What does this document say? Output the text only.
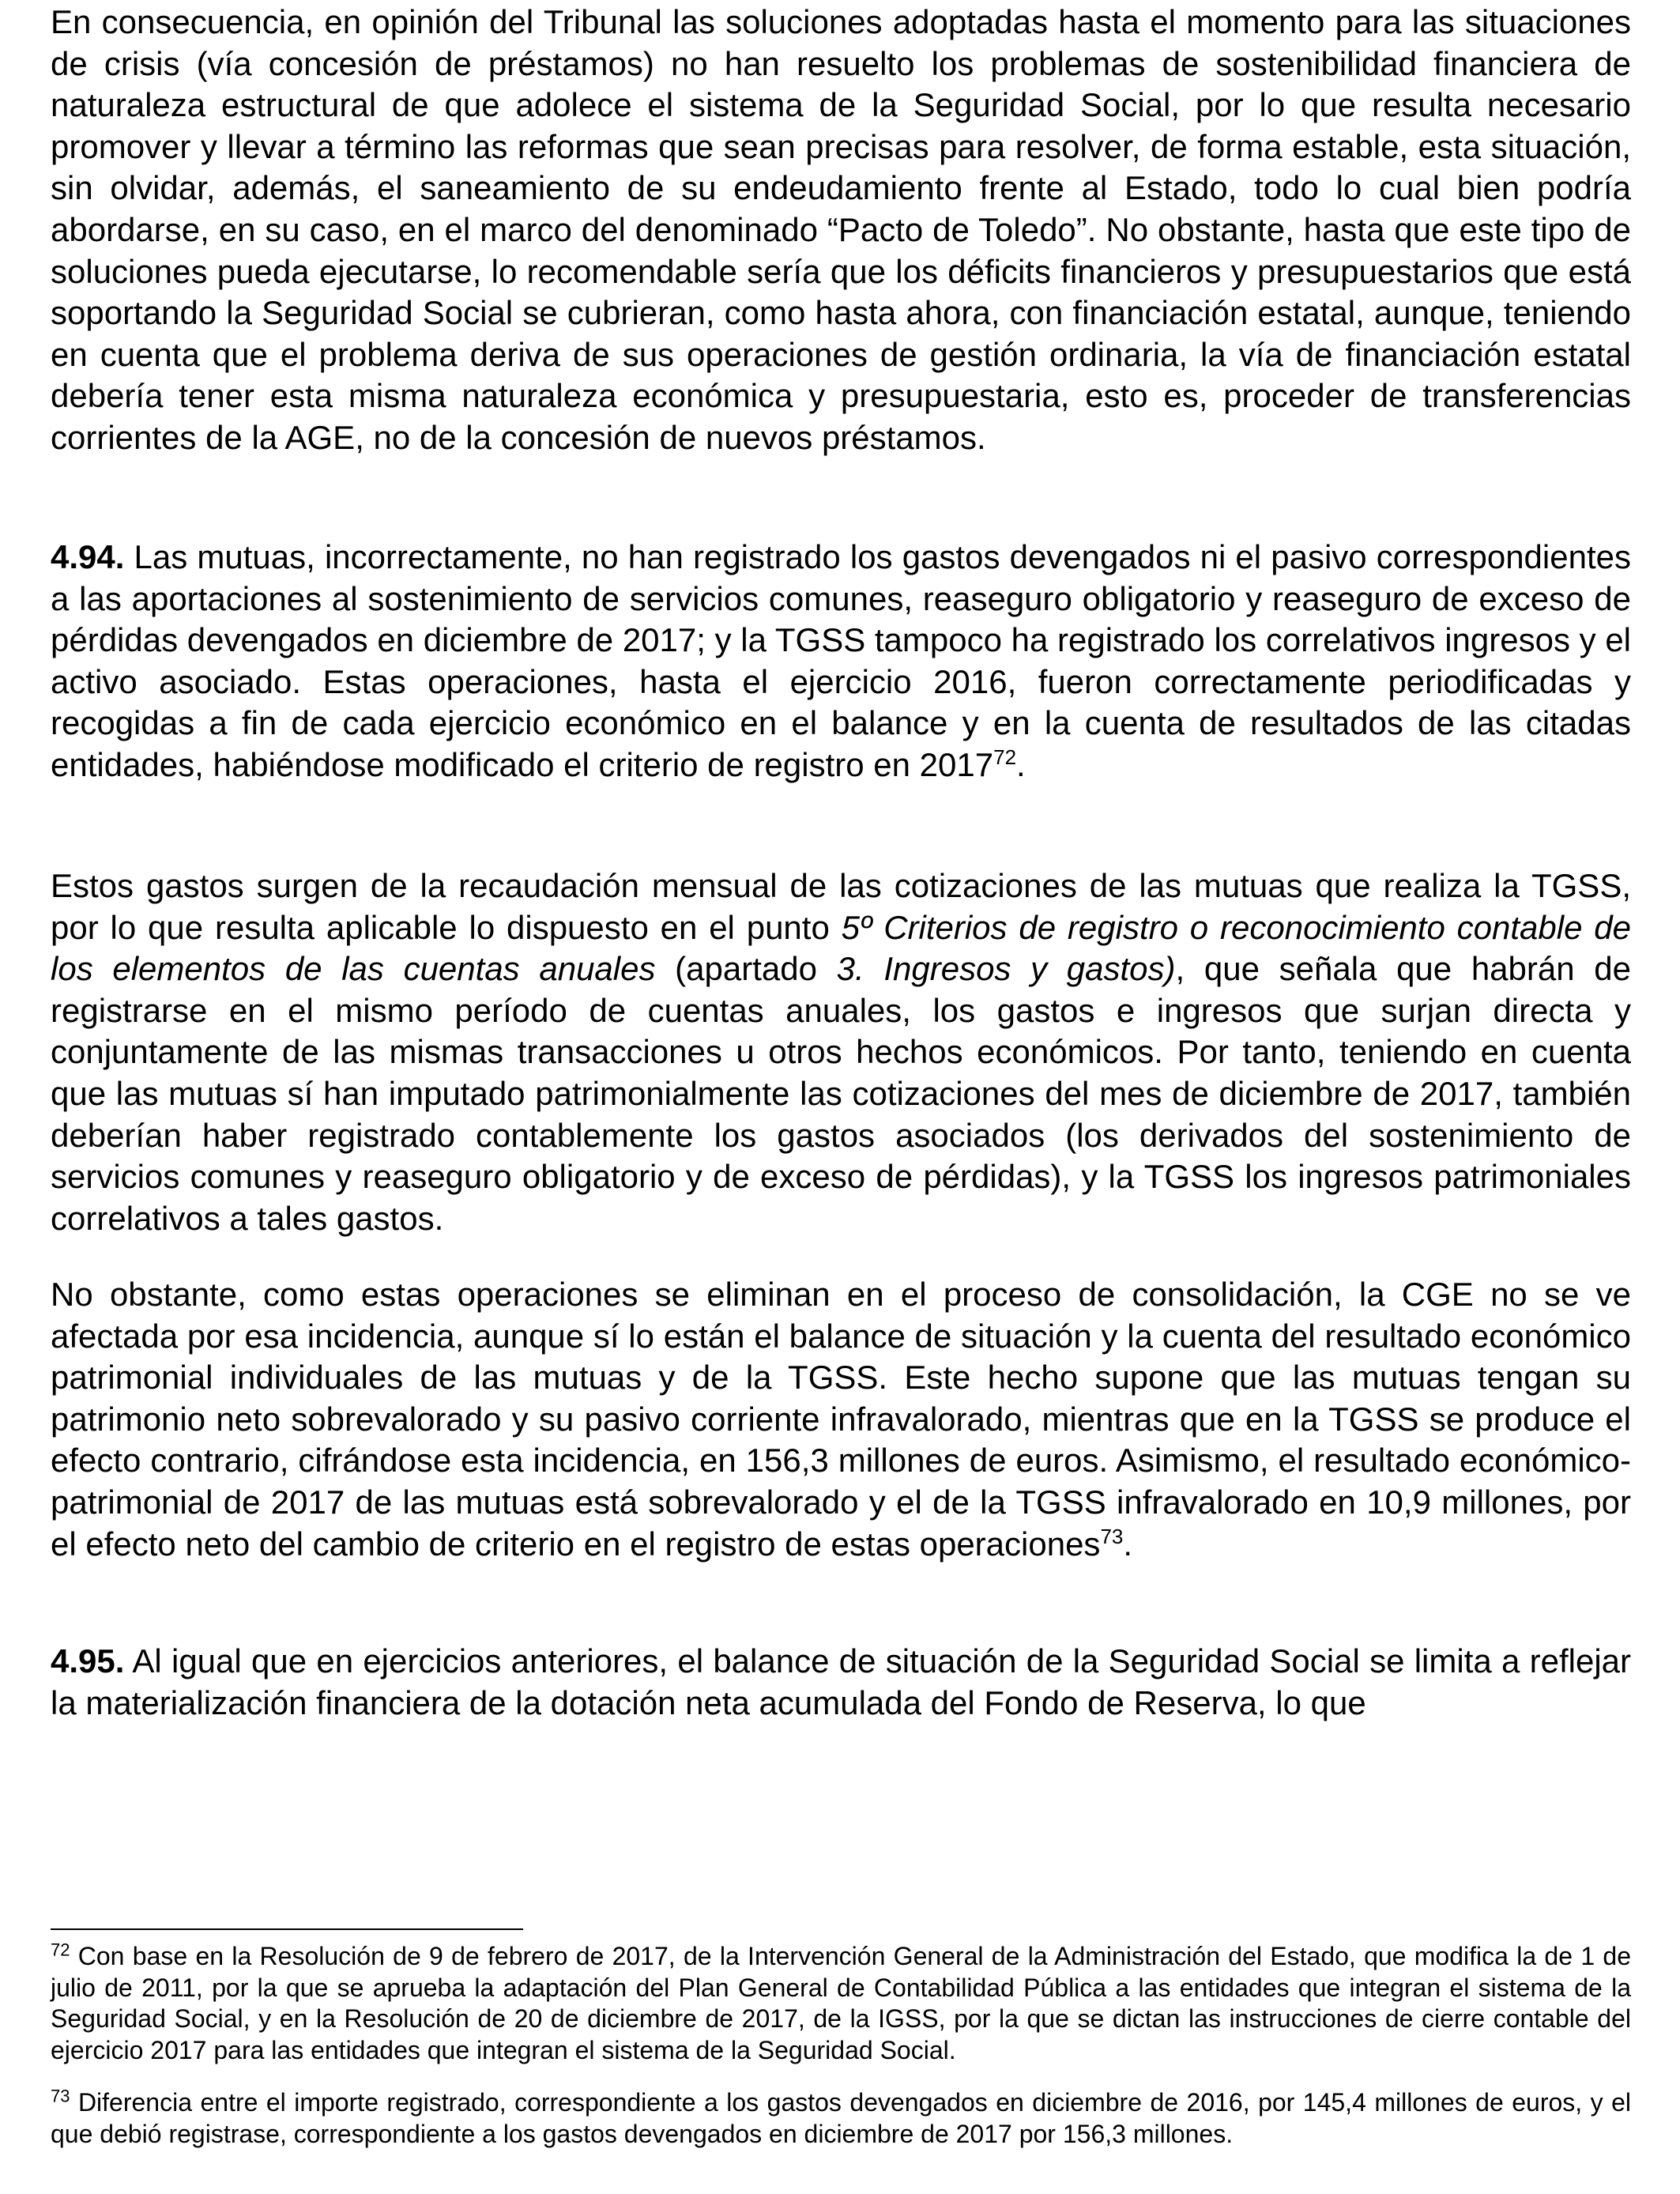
En consecuencia, en opinión del Tribunal las soluciones adoptadas hasta el momento para las situaciones de crisis (vía concesión de préstamos) no han resuelto los problemas de sostenibilidad financiera de naturaleza estructural de que adolece el sistema de la Seguridad Social, por lo que resulta necesario promover y llevar a término las reformas que sean precisas para resolver, de forma estable, esta situación, sin olvidar, además, el saneamiento de su endeudamiento frente al Estado, todo lo cual bien podría abordarse, en su caso, en el marco del denominado “Pacto de Toledo”. No obstante, hasta que este tipo de soluciones pueda ejecutarse, lo recomendable sería que los déficits financieros y presupuestarios que está soportando la Seguridad Social se cubrieran, como hasta ahora, con financiación estatal, aunque, teniendo en cuenta que el problema deriva de sus operaciones de gestión ordinaria, la vía de financiación estatal debería tener esta misma naturaleza económica y presupuestaria, esto es, proceder de transferencias corrientes de la AGE, no de la concesión de nuevos préstamos.

4.94. Las mutuas, incorrectamente, no han registrado los gastos devengados ni el pasivo correspondientes a las aportaciones al sostenimiento de servicios comunes, reaseguro obligatorio y reaseguro de exceso de pérdidas devengados en diciembre de 2017; y la TGSS tampoco ha registrado los correlativos ingresos y el activo asociado. Estas operaciones, hasta el ejercicio 2016, fueron correctamente periodificadas y recogidas a fin de cada ejercicio económico en el balance y en la cuenta de resultados de las citadas entidades, habiéndose modificado el criterio de registro en 2017$^{72}$.

Estos gastos surgen de la recaudación mensual de las cotizaciones de las mutuas que realiza la TGSS, por lo que resulta aplicable lo dispuesto en el punto 5º Criterios de registro o reconocimiento contable de los elementos de las cuentas anuales (apartado 3. Ingresos y gastos), que señala que habrán de registrarse en el mismo período de cuentas anuales, los gastos e ingresos que surjan directa y conjuntamente de las mismas transacciones u otros hechos económicos. Por tanto, teniendo en cuenta que las mutuas sí han imputado patrimonialmente las cotizaciones del mes de diciembre de 2017, también deberían haber registrado contablemente los gastos asociados (los derivados del sostenimiento de servicios comunes y reaseguro obligatorio y de exceso de pérdidas), y la TGSS los ingresos patrimoniales correlativos a tales gastos.

No obstante, como estas operaciones se eliminan en el proceso de consolidación, la CGE no se ve afectada por esa incidencia, aunque sí lo están el balance de situación y la cuenta del resultado económico patrimonial individuales de las mutuas y de la TGSS. Este hecho supone que las mutuas tengan su patrimonio neto sobrevalorado y su pasivo corriente infravalorado, mientras que en la TGSS se produce el efecto contrario, cifrándose esta incidencia, en 156,3 millones de euros. Asimismo, el resultado económico-patrimonial de 2017 de las mutuas está sobrevalorado y el de la TGSS infravalorado en 10,9 millones, por el efecto neto del cambio de criterio en el registro de estas operaciones$^{73}$.

4.95. Al igual que en ejercicios anteriores, el balance de situación de la Seguridad Social se limita a reflejar la materialización financiera de la dotación neta acumulada del Fondo de Reserva, lo que

$^{72}$ Con base en la Resolución de 9 de febrero de 2017, de la Intervención General de la Administración del Estado, que modifica la de 1 de julio de 2011, por la que se aprueba la adaptación del Plan General de Contabilidad Pública a las entidades que integran el sistema de la Seguridad Social, y en la Resolución de 20 de diciembre de 2017, de la IGSS, por la que se dictan las instrucciones de cierre contable del ejercicio 2017 para las entidades que integran el sistema de la Seguridad Social.

$^{73}$ Diferencia entre el importe registrado, correspondiente a los gastos devengados en diciembre de 2016, por 145,4 millones de euros, y el que debió registrase, correspondiente a los gastos devengados en diciembre de 2017 por 156,3 millones.
